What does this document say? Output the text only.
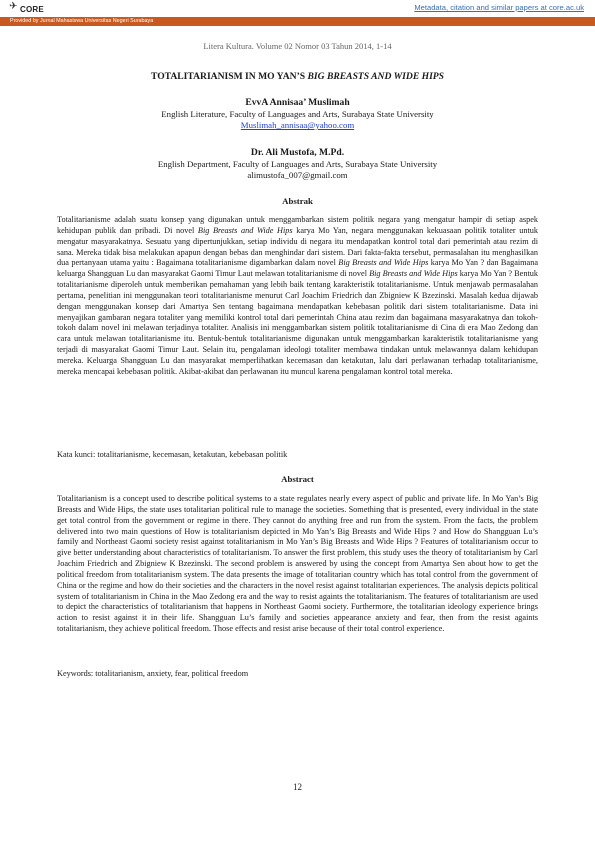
✈ CORE	Metadata, citation and similar papers at core.ac.uk
Provided by Jurnal Mahasiswa Universitas Negeri Surabaya
Litera Kultura. Volume 02 Nomor 03 Tahun 2014, 1-14
TOTALITARIANISM IN MO YAN’S BIG BREASTS AND WIDE HIPS
EvvA Annisaa’ Muslimah
English Literature, Faculty of Languages and Arts, Surabaya State University
Muslimah_annisaa@yahoo.com
Dr. Ali Mustofa, M.Pd.
English Department, Faculty of Languages and Arts, Surabaya State University
alimustofa_007@gmail.com
Abstrak
Totalitarianisme adalah suatu konsep yang digunakan untuk menggambarkan sistem politik negara yang mengatur hampir di setiap aspek kehidupan publik dan pribadi. Di novel Big Breasts and Wide Hips karya Mo Yan, negara menggunakan kekuasaan politik totaliter untuk mengatur masyarakatnya. Sesuatu yang dipertunjukkan, setiap individu di negara itu mendapatkan kontrol total dari pemerintah atau rezim di sana. Mereka tidak bisa melakukan apapun dengan bebas dan menghindar dari sistem. Dari fakta-fakta tersebut, permasalahan itu menghasilkan dua pertanyaan utama yaitu : Bagaimana totalitarianisme digambarkan dalam novel Big Breasts and Wide Hips karya Mo Yan ? dan Bagaimana keluarga Shangguan Lu dan masyarakat Gaomi Timur Laut melawan totalitarianisme di novel Big Breasts and Wide Hips karya Mo Yan ? Bentuk totalitarianisme diperoleh untuk memberikan pemahaman yang lebih baik tentang karakteristik totalitarianisme. Untuk menjawab permasalahan pertama, penelitian ini menggunakan teori totalitarianisme menurut Carl Joachim Friedrich dan Zbigniew K Bzezinski. Masalah kedua dijawab dengan menggunakan konsep dari Amartya Sen tentang bagaimana mendapatkan kebebasan politik dari sistem totalitarianisme. Data ini menyajikan gambaran negara totaliter yang memiliki kontrol total dari pemerintah China atau rezim dan bagaimana masyarakatnya dan tokoh-tokoh dalam novel ini melawan terjadinya totaliter. Analisis ini menggambarkan sistem politik totalitarianisme di Cina di era Mao Zedong dan cara untuk melawan totalitarianisme itu. Bentuk-bentuk totalitarianisme digunakan untuk menggambarkan karakteristik totalitarianisme yang terjadi di masyarakat Gaomi Timur Laut. Selain itu, pengalaman ideologi totaliter membawa tindakan untuk melawannya dalam kehidupan mereka. Keluarga Shangguan Lu dan masyarakat memperlihatkan kecemasan dan ketakutan, lalu dari perlawanan terhadap totalitarianisme, mereka mencapai kebebasan politik. Akibat-akibat dan perlawanan itu muncul karena pengalaman kontrol total mereka.
Kata kunci: totalitarianisme, kecemasan, ketakutan, kebebasan politik
Abstract
Totalitarianism is a concept used to describe political systems to a state regulates nearly every aspect of public and private life. In Mo Yan’s Big Breasts and Wide Hips, the state uses totalitarian political rule to manage the societies. Something that is presented, every individual in the state get total control from the government or regime in there. They cannot do anything free and run from the system. From the facts, the problem delivered into two main questions of How is totalitarianism depicted in Mo Yan’s Big Breasts and Wide Hips ? and How do Shangguan Lu’s family and Northeast Gaomi society resist against totalitarianism in Mo Yan’s Big Breasts and Wide Hips ? Features of totalitarianism occur to give better understanding about characteristics of totalitarianism. To answer the first problem, this study uses the theory of totalitarianism by Carl Joachim Friedrich and Zbigniew K Bzezinski. The second problem is answered by using the concept from Amartya Sen about how to get the political freedom from totalitarianism system. The data presents the image of totalitarian country which has total control from the government of China or the regime and how do their societies and the characters in the novel resist against totalitarian experiences. The analysis depicts political system of totalitarianism in China in the Mao Zedong era and the way to resist againts the totalitarianism. The features of totalitarianism are used to depict the characteristics of totalitarianism that happens in Northeast Gaomi society. Furthermore, the totalitarian ideology experience brings action to resist against it in their life. Shangguan Lu’s family and societies appearance anxiety and fear, then from the resist againts totalitarianism, they achieve political freedom. Those effects and resist arise because of their total control experience.
Keywords: totalitarianism, anxiety, fear, political freedom
12
